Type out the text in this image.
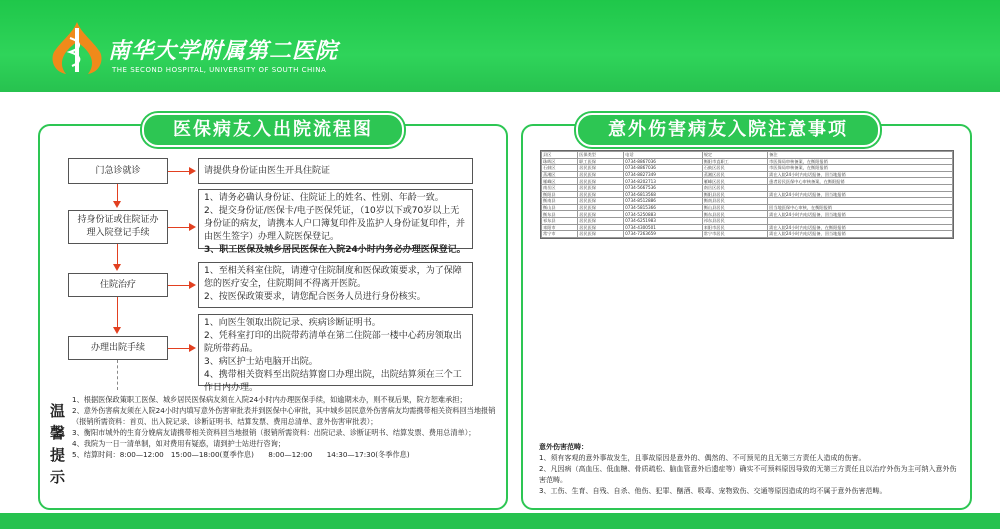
南华大学附属第二医院
THE SECOND HOSPITAL, UNIVERSITY OF SOUTH CHINA
医保病友入出院流程图
门急诊就诊	请提供身份证由医生开具住院证
持身份证或住院证办理入院登记手续
1、请务必确认身份证、住院证上的姓名、性别、年龄一致。
2、提交身份证/医保卡/电子医保凭证，（10岁以下或70岁以上无身份证的病友，请携本人户口簿复印件及监护人身份证复印件，并由医生签字）办理入院医保登记。
3、职工医保及城乡居民医保在入院24小时内务必办理医保登记。
住院治疗
1、至相关科室住院，请遵守住院制度和医保政策要求，为了保障您的医疗安全，住院期间不得离开医院。
2、按医保政策要求，请您配合医务人员进行身份核实。
办理出院手续
1、向医生领取出院记录、疾病诊断证明书。
2、凭科室打印的出院带药清单在第二住院部一楼中心药房领取出院所带药品。
3、病区护士站电脑开出院。
4、携带相关资料至出院结算窗口办理出院，出院结算须在三个工作日内办理。
温馨提示
1、根据医保政策职工医保、城乡居民医保病友须在入院24小时内办理医保手续，如逾期未办，则不视后果，院方恕难承担；
2、意外伤害病友须在入院24小时内填写意外伤害审批表并到医保中心审批，其中城乡居民意外伤害病友均需携带相关资料回当地报销（报销所需资料：首页、出入院记录、诊断证明书、结算发票、费用总清单、意外伤害审批表）；
3、衡阳市城外的生育分娩病友请携带相关资料回当地报销（报销所需资料：出院记录、诊断证明书、结算发票、费用总清单）；
4、我院为一日一清单制，如对费用有疑惑，请到护士站进行咨询；
5、结算时间：8:00—12:00　15:00—18:00(夏季作息)　　8:00—12:00　　14:30—17:30(冬季作息)
意外伤害病友入院注意事项
县区	医保类型	电话	规定	备注
珠晖区	职工医保	0734-8867036	衡阳市直职工	市医保局审核备案，在衡阳报销
石鼓区	居民医保	0734-8867036	石鼓区居民	市医保局审核备案，在衡阳报销
蒸湘区	居民医保	0734-8827349	蒸湘区居民	需在入院24小时内电话报备，回当地报销
雁峰区	居民医保	0734-8202713	雁峰区居民	患者居民医保中心审核备案，在衡阳报销
南岳区	居民医保	0734-5667536	南岳区居民	
衡阳县	居民医保	0734-6813568	衡阳县居民	需在入院24小时内电话报备，回当地报销
衡南县	居民医保	0734-8512886	衡南县居民	
衡山县	居民医保	0734-5815366	衡山县居民	回当地医保中心审核，在衡阳报销
衡东县	居民医保	0734-5250883	衡东县居民	需在入院24小时内电话报备，回当地报销
祁东县	居民医保	0734-6251983	祁东县居民	
耒阳市	居民医保	0734-4300501	耒阳市居民	需在入院24小时内电话报备，在衡阳报销
常宁市	居民医保	0734-7263659	常宁市居民	需在入院24小时内电话报备，回当地报销
意外伤害范畴：
1、须有客观的意外事故发生，且事故原因是意外的、偶然的、不可预见的且无第三方责任人造成的伤害。
2、凡因病（高血压、低血糖、骨质疏松、脑血管意外后遗症等）确实不可预料原因导致的无第三方责任且以治疗外伤为主可纳入意外伤害范畴。
3、工伤、生育、自残、自杀、他伤、犯罪、酗酒、吸毒、宠物致伤、交通等原因造成的均不属于意外伤害范畴。
